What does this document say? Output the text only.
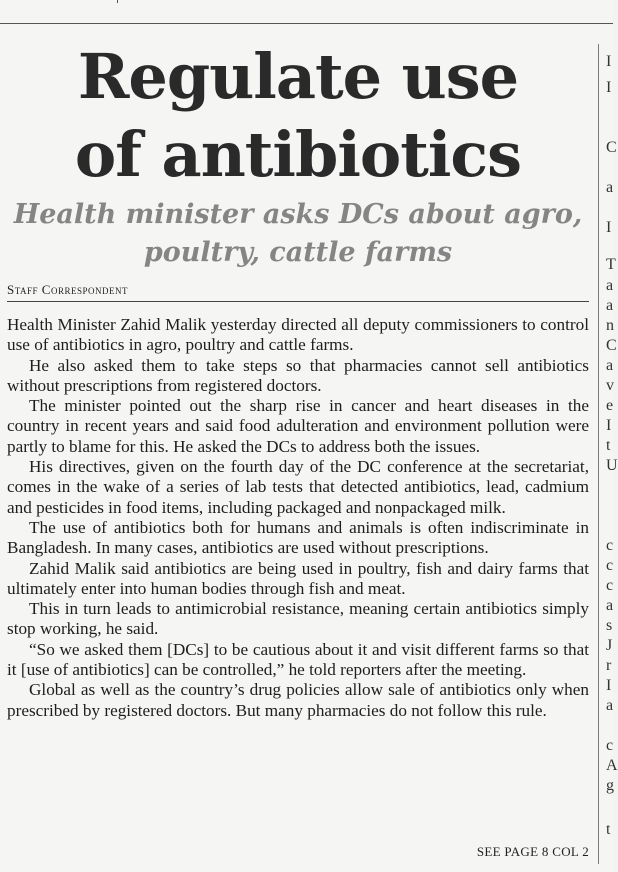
Regulate use
of antibiotics
Health minister asks DCs about agro,
poultry, cattle farms
Staff Correspondent

Health Minister Zahid Malik yesterday directed all deputy commissioners to control use of antibiotics in agro, poultry and cattle farms.

He also asked them to take steps so that pharmacies cannot sell antibiotics without prescriptions from registered doctors.

The minister pointed out the sharp rise in cancer and heart diseases in the country in recent years and said food adulteration and environment pollution were partly to blame for this. He asked the DCs to address both the issues.

His directives, given on the fourth day of the DC conference at the secretariat, comes in the wake of a series of lab tests that detected antibiotics, lead, cadmium and pesticides in food items, including packaged and nonpackaged milk.

The use of antibiotics both for humans and animals is often indiscriminate in Bangladesh. In many cases, antibiotics are used without prescriptions.

Zahid Malik said antibiotics are being used in poultry, fish and dairy farms that ultimately enter into human bodies through fish and meat.

This in turn leads to antimicrobial resistance, meaning certain antibiotics simply stop working, he said.

“So we asked them [DCs] to be cautious about it and visit different farms so that it [use of antibiotics] can be controlled,” he told reporters after the meeting.

Global as well as the country’s drug policies allow sale of antibiotics only when prescribed by registered doctors. But many pharmacies do not follow this rule.

SEE PAGE 8 COL 2
I
I
C
a
I
T
a
a
n
C
a
v
e
I
t
U
c
c
c
a
s
J
r
I
a
c
A
g
t
